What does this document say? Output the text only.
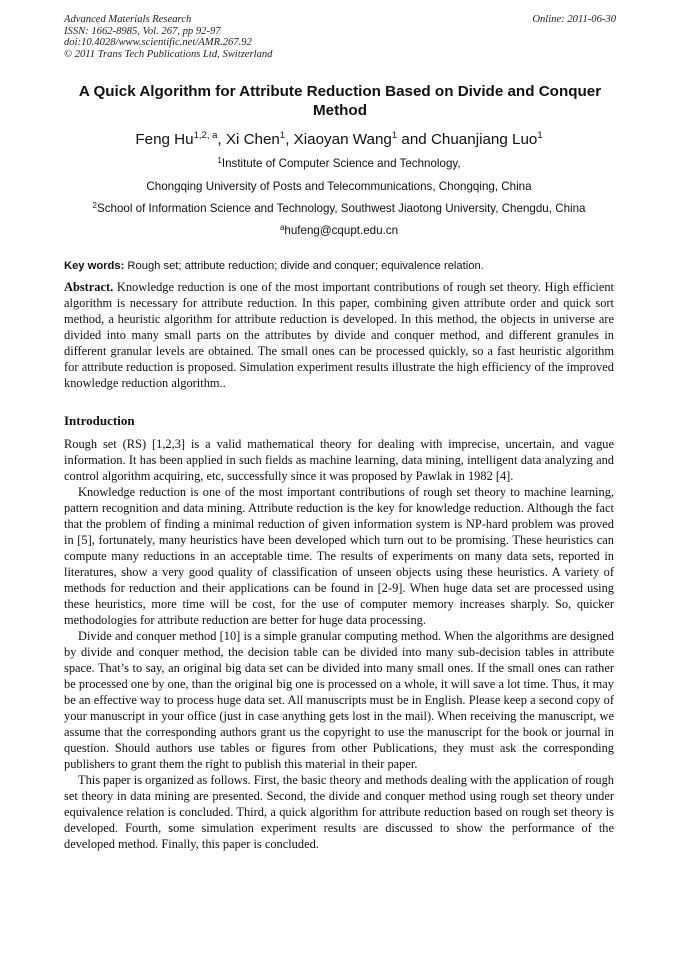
Advanced Materials Research
ISSN: 1662-8985, Vol. 267, pp 92-97
doi:10.4028/www.scientific.net/AMR.267.92
© 2011 Trans Tech Publications Ltd, Switzerland
Online: 2011-06-30
A Quick Algorithm for Attribute Reduction Based on Divide and Conquer Method
Feng Hu$^{1,2, a}$, Xi Chen$^1$, Xiaoyan Wang$^1$ and Chuanjiang Luo$^1$
$^1$Institute of Computer Science and Technology,
Chongqing University of Posts and Telecommunications, Chongqing, China
$^2$School of Information Science and Technology, Southwest Jiaotong University, Chengdu, China
$^a$hufeng@cqupt.edu.cn
Key words: Rough set; attribute reduction; divide and conquer; equivalence relation.

Abstract. Knowledge reduction is one of the most important contributions of rough set theory. High efficient algorithm is necessary for attribute reduction. In this paper, combining given attribute order and quick sort method, a heuristic algorithm for attribute reduction is developed. In this method, the objects in universe are divided into many small parts on the attributes by divide and conquer method, and different granules in different granular levels are obtained. The small ones can be processed quickly, so a fast heuristic algorithm for attribute reduction is proposed. Simulation experiment results illustrate the high efficiency of the improved knowledge reduction algorithm..

Introduction

Rough set (RS) [1,2,3] is a valid mathematical theory for dealing with imprecise, uncertain, and vague information. It has been applied in such fields as machine learning, data mining, intelligent data analyzing and control algorithm acquiring, etc, successfully since it was proposed by Pawlak in 1982 [4].

Knowledge reduction is one of the most important contributions of rough set theory to machine learning, pattern recognition and data mining. Attribute reduction is the key for knowledge reduction. Although the fact that the problem of finding a minimal reduction of given information system is NP-hard problem was proved in [5], fortunately, many heuristics have been developed which turn out to be promising. These heuristics can compute many reductions in an acceptable time. The results of experiments on many data sets, reported in literatures, show a very good quality of classification of unseen objects using these heuristics. A variety of methods for reduction and their applications can be found in [2-9]. When huge data set are processed using these heuristics, more time will be cost, for the use of computer memory increases sharply. So, quicker methodologies for attribute reduction are better for huge data processing.

Divide and conquer method [10] is a simple granular computing method. When the algorithms are designed by divide and conquer method, the decision table can be divided into many sub-decision tables in attribute space. That’s to say, an original big data set can be divided into many small ones. If the small ones can rather be processed one by one, than the original big one is processed on a whole, it will save a lot time. Thus, it may be an effective way to process huge data set. All manuscripts must be in English. Please keep a second copy of your manuscript in your office (just in case anything gets lost in the mail). When receiving the manuscript, we assume that the corresponding authors grant us the copyright to use the manuscript for the book or journal in question. Should authors use tables or figures from other Publications, they must ask the corresponding publishers to grant them the right to publish this material in their paper.

This paper is organized as follows. First, the basic theory and methods dealing with the application of rough set theory in data mining are presented. Second, the divide and conquer method using rough set theory under equivalence relation is concluded. Third, a quick algorithm for attribute reduction based on rough set theory is developed. Fourth, some simulation experiment results are discussed to show the performance of the developed method. Finally, this paper is concluded.
